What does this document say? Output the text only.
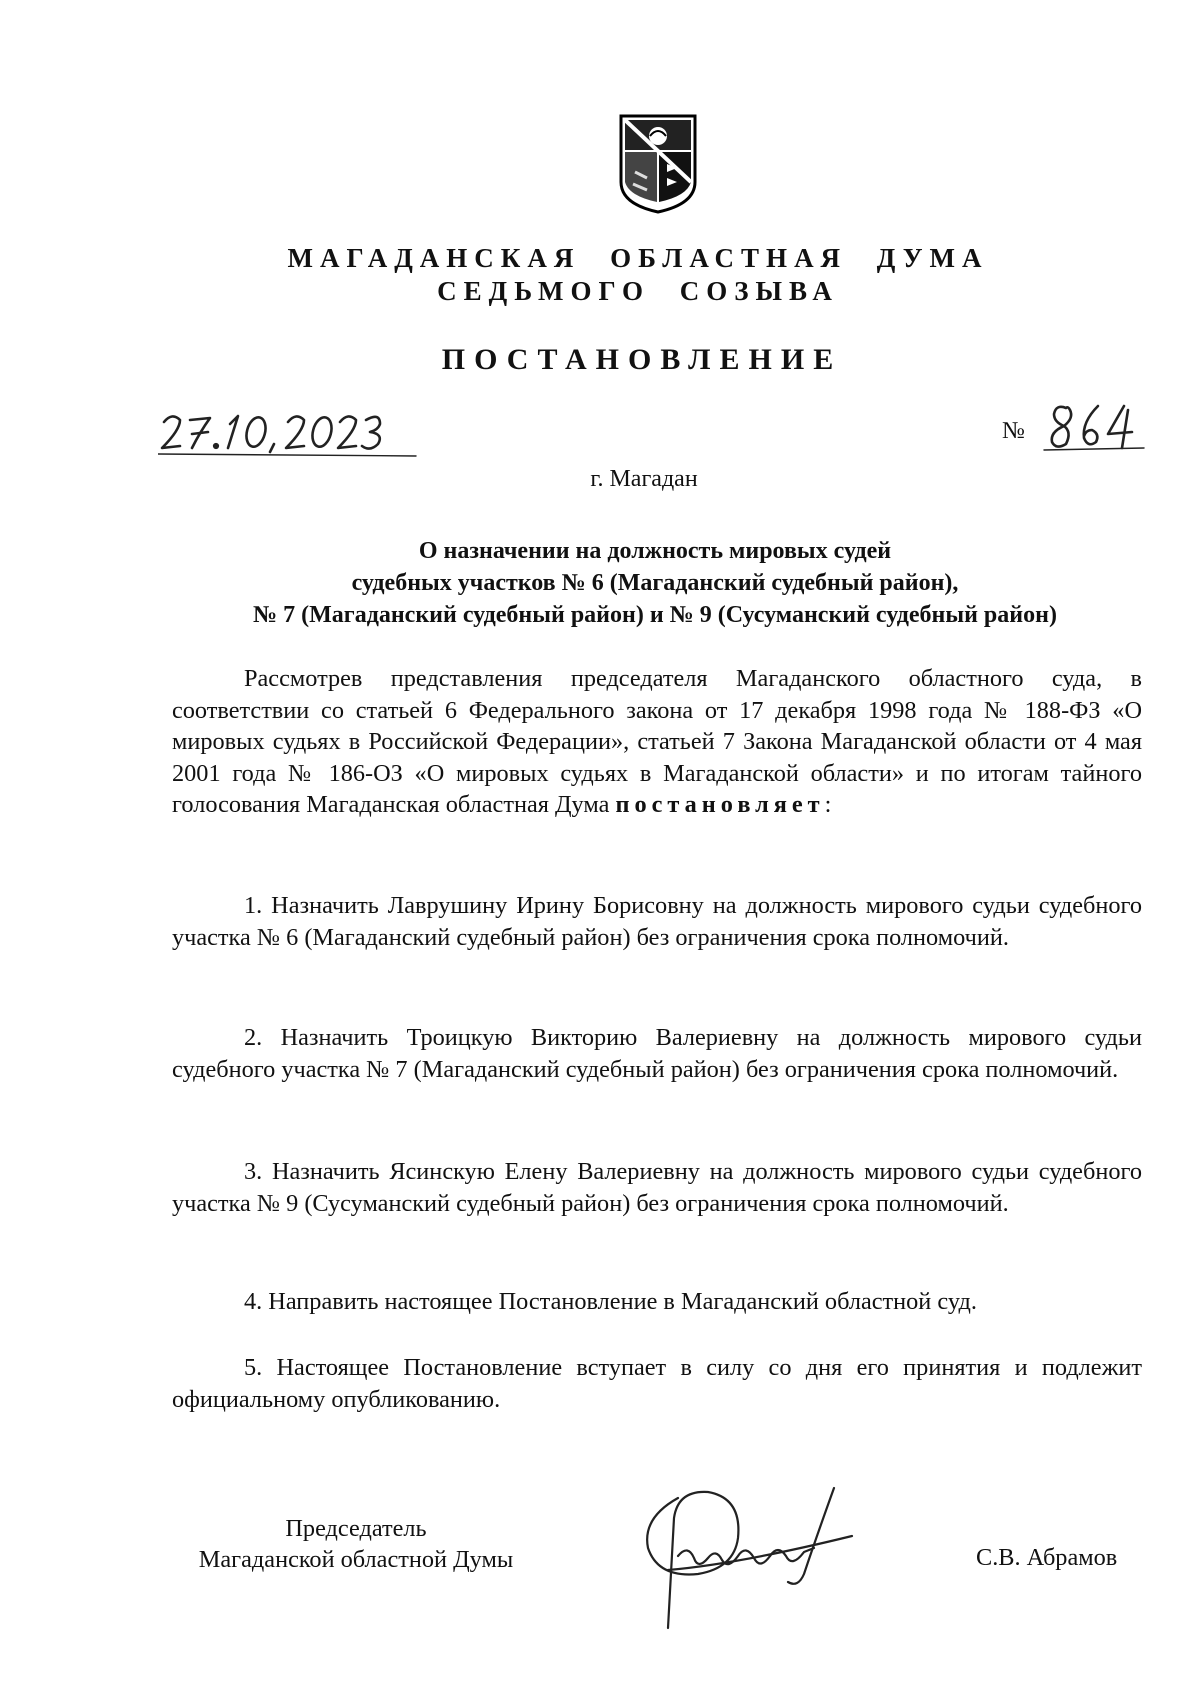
МАГАДАНСКАЯ ОБЛАСТНАЯ ДУМА
СЕДЬМОГО СОЗЫВА
ПОСТАНОВЛЕНИЕ
№
г. Магадан
О назначении на должность мировых судей
судебных участков № 6 (Магаданский судебный район),
№ 7 (Магаданский судебный район) и № 9 (Сусуманский судебный район)

Рассмотрев представления председателя Магаданского областного суда, в соответствии со статьей 6 Федерального закона от 17 декабря 1998 года № 188-ФЗ «О мировых судьях в Российской Федерации», статьей 7 Закона Магаданской области от 4 мая 2001 года № 186-ОЗ «О мировых судьях в Магаданской области» и по итогам тайного голосования Магаданская областная Дума постановляет:

1. Назначить Лаврушину Ирину Борисовну на должность мирового судьи судебного участка № 6 (Магаданский судебный район) без ограничения срока полномочий.

2. Назначить Троицкую Викторию Валериевну на должность мирового судьи судебного участка № 7 (Магаданский судебный район) без ограничения срока полномочий.

3. Назначить Ясинскую Елену Валериевну на должность мирового судьи судебного участка № 9 (Сусуманский судебный район) без ограничения срока полномочий.

4. Направить настоящее Постановление в Магаданский областной суд.

5. Настоящее Постановление вступает в силу со дня его принятия и подлежит официальному опубликованию.

Председатель
Магаданской областной Думы	С.В. Абрамов
